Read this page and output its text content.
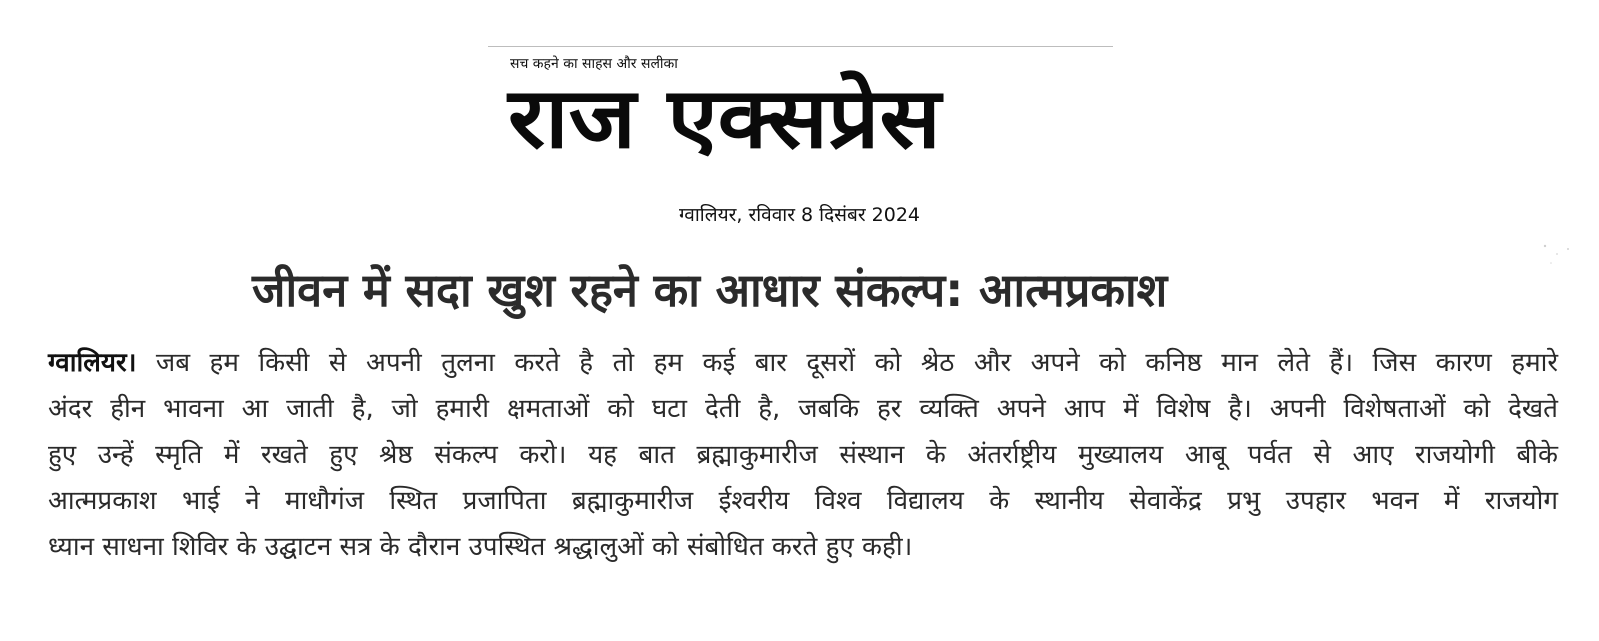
सच कहने का साहस और सलीका
राज एक्सप्रेस
ग्वालियर, रविवार 8 दिसंबर 2024
जीवन में सदा खुश रहने का आधार संकल्प: आत्मप्रकाश
ग्वालियर। जब हम किसी से अपनी तुलना करते है तो हम कई बार दूसरों को श्रेठ और अपने को कनिष्ठ मान लेते हैं। जिस कारण हमारे
अंदर हीन भावना आ जाती है, जो हमारी क्षमताओं को घटा देती है, जबकि हर व्यक्ति अपने आप में विशेष है। अपनी विशेषताओं को देखते
हुए उन्हें स्मृति में रखते हुए श्रेष्ठ संकल्प करो। यह बात ब्रह्माकुमारीज संस्थान के अंतर्राष्ट्रीय मुख्यालय आबू पर्वत से आए राजयोगी बीके
आत्मप्रकाश भाई ने माधौगंज स्थित प्रजापिता ब्रह्माकुमारीज ईश्वरीय विश्व विद्यालय के स्थानीय सेवाकेंद्र प्रभु उपहार भवन में राजयोग
ध्यान साधना शिविर के उद्घाटन सत्र के दौरान उपस्थित श्रद्धालुओं को संबोधित करते हुए कही।
